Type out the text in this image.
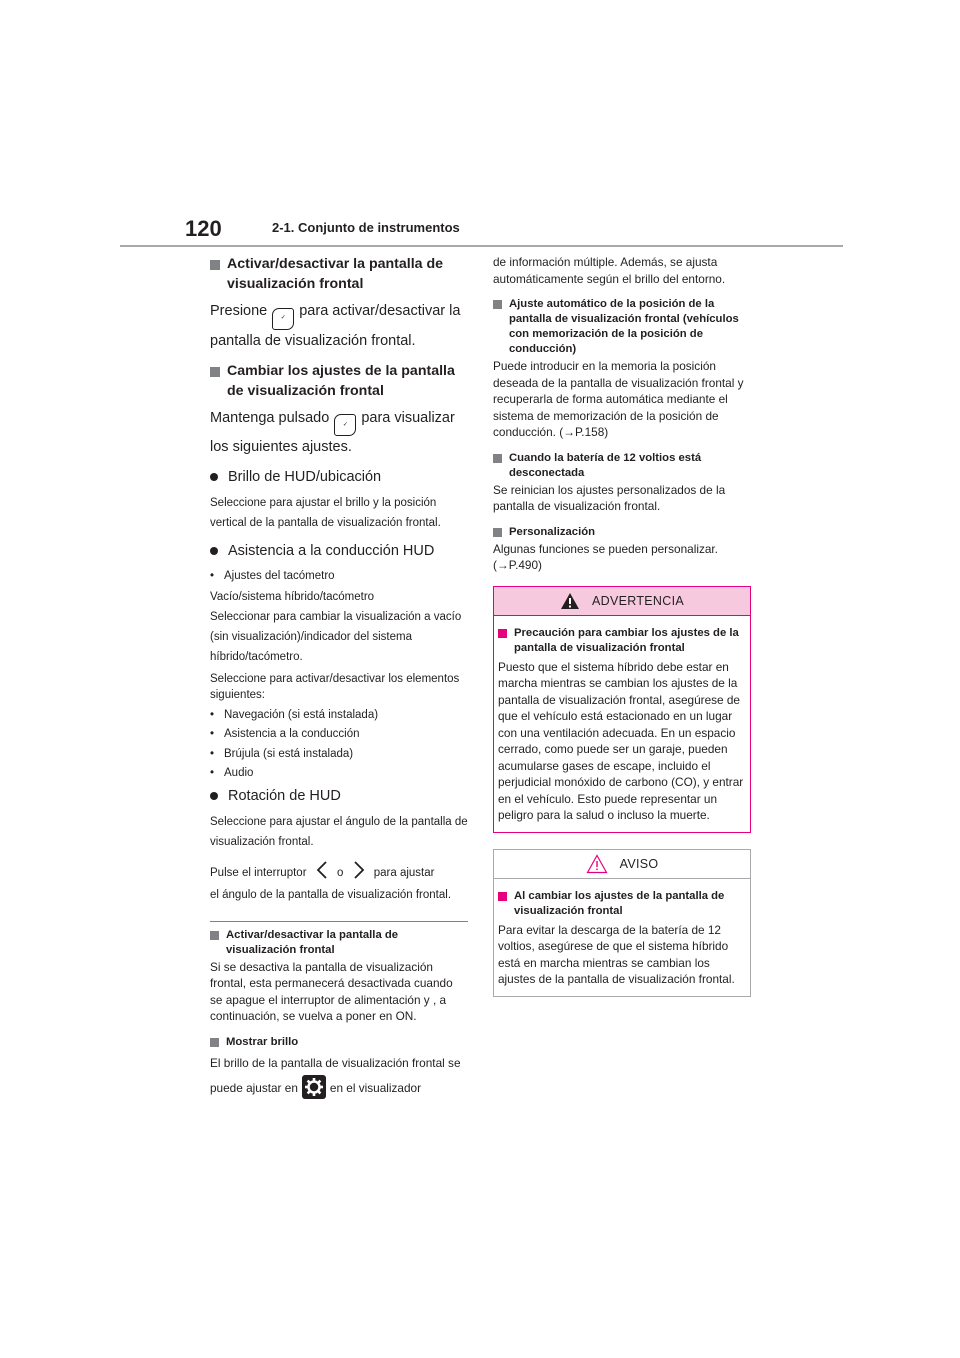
120	2-1. Conjunto de instrumentos
Activar/desactivar la pantalla de visualización frontal

Presione ✓ para activar/desactivar la pantalla de visualización frontal.

Cambiar los ajustes de la pantalla de visualización frontal

Mantenga pulsado ✓ para visualizar los siguientes ajustes.

Brillo de HUD/ubicación

Seleccione para ajustar el brillo y la posición vertical de la pantalla de visualización frontal.

Asistencia a la conducción HUD
• Ajustes del tacómetro

Vacío/sistema híbrido/tacómetro

Seleccionar para cambiar la visualización a vacío (sin visualización)/indicador del sistema híbrido/tacómetro.

Seleccione para activar/desactivar los elementos siguientes:

• Navegación (si está instalada)
• Asistencia a la conducción
• Brújula (si está instalada)
• Audio
Rotación de HUD

Seleccione para ajustar el ángulo de la pantalla de visualización frontal.

Pulse el interruptor	o	para ajustar

el ángulo de la pantalla de visualización frontal.

Activar/desactivar la pantalla de visualización frontal

Si se desactiva la pantalla de visualización frontal, esta permanecerá desactivada cuando se apague el interruptor de alimentación y , a continuación, se vuelva a poner en ON.

Mostrar brillo

El brillo de la pantalla de visualización frontal se puede ajustar en	en el visualizador

de información múltiple. Además, se ajusta automáticamente según el brillo del entorno.

Ajuste automático de la posición de la pantalla de visualización frontal (vehículos con memorización de la posición de conducción)

Puede introducir en la memoria la posición deseada de la pantalla de visualización frontal y recuperarla de forma automática mediante el sistema de memorización de la posición de conducción. (→P.158)

Cuando la batería de 12 voltios está desconectada

Se reinician los ajustes personalizados de la pantalla de visualización frontal.

Personalización

Algunas funciones se pueden personalizar. (→P.490)

ADVERTENCIA
Precaución para cambiar los ajustes de la pantalla de visualización frontal

Puesto que el sistema híbrido debe estar en marcha mientras se cambian los ajustes de la pantalla de visualización frontal, asegúrese de que el vehículo está estacionado en un lugar con una ventilación adecuada. En un espacio cerrado, como puede ser un garaje, pueden acumularse gases de escape, incluido el perjudicial monóxido de carbono (CO), y entrar en el vehículo. Esto puede representar un peligro para la salud o incluso la muerte.

AVISO
Al cambiar los ajustes de la pantalla de visualización frontal

Para evitar la descarga de la batería de 12 voltios, asegúrese de que el sistema híbrido está en marcha mientras se cambian los ajustes de la pantalla de visualización frontal.
